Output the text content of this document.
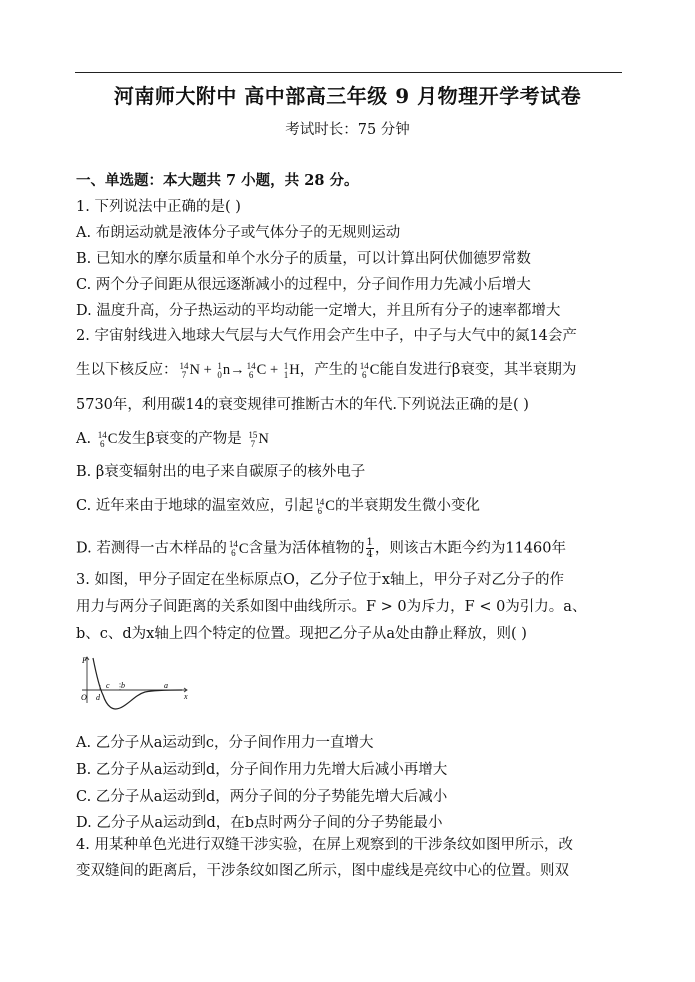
河南师大附中 高中部高三年级 9 月物理开学考试卷
考试时长：75 分钟
一、单选题：本大题共 7 小题，共 28 分。
1. 下列说法中正确的是( )
A. 布朗运动就是液体分子或气体分子的无规则运动
B. 已知水的摩尔质量和单个水分子的质量，可以计算出阿伏伽德罗常数
C. 两个分子间距从很远逐渐减小的过程中，分子间作用力先减小后增大
D. 温度升高，分子热运动的平均动能一定增大，并且所有分子的速率都增大
2. 宇宙射线进入地球大气层与大气作用会产生中子，中子与大气中的氮14会产
生以下核反应： 14
7 N + 1
0 n→ 14
6 C + 1
1 H，产生的 14
6 C能自发进行β衰变，其半衰期为
5730年，利用碳14的衰变规律可推断古木的年代.下列说法正确的是( )
A. 14
6 C发生β衰变的产物是 15
7 N
B. β衰变辐射出的电子来自碳原子的核外电子
C. 近年来由于地球的温室效应，引起 14
6 C的半衰期发生微小变化
D. 若测得一古木样品的 14
6 C含量为活体植物的 $\frac{1}{4}$ ，则该古木距今约为11460年
3. 如图，甲分子固定在坐标原点O，乙分子位于x轴上，甲分子对乙分子的作
用力与两分子间距离的关系如图中曲线所示。F > 0为斥力，F < 0为引力。a、
b、c、d为x轴上四个特定的位置。现把乙分子从a处由静止释放，则( )
F
O d
c b	a
x
A. 乙分子从a运动到c，分子间作用力一直增大
B. 乙分子从a运动到d，分子间作用力先增大后减小再增大
C. 乙分子从a运动到d，两分子间的分子势能先增大后减小
D. 乙分子从a运动到d，在b点时两分子间的分子势能最小
4. 用某种单色光进行双缝干涉实验，在屏上观察到的干涉条纹如图甲所示，改
变双缝间的距离后，干涉条纹如图乙所示，图中虚线是亮纹中心的位置。则双
